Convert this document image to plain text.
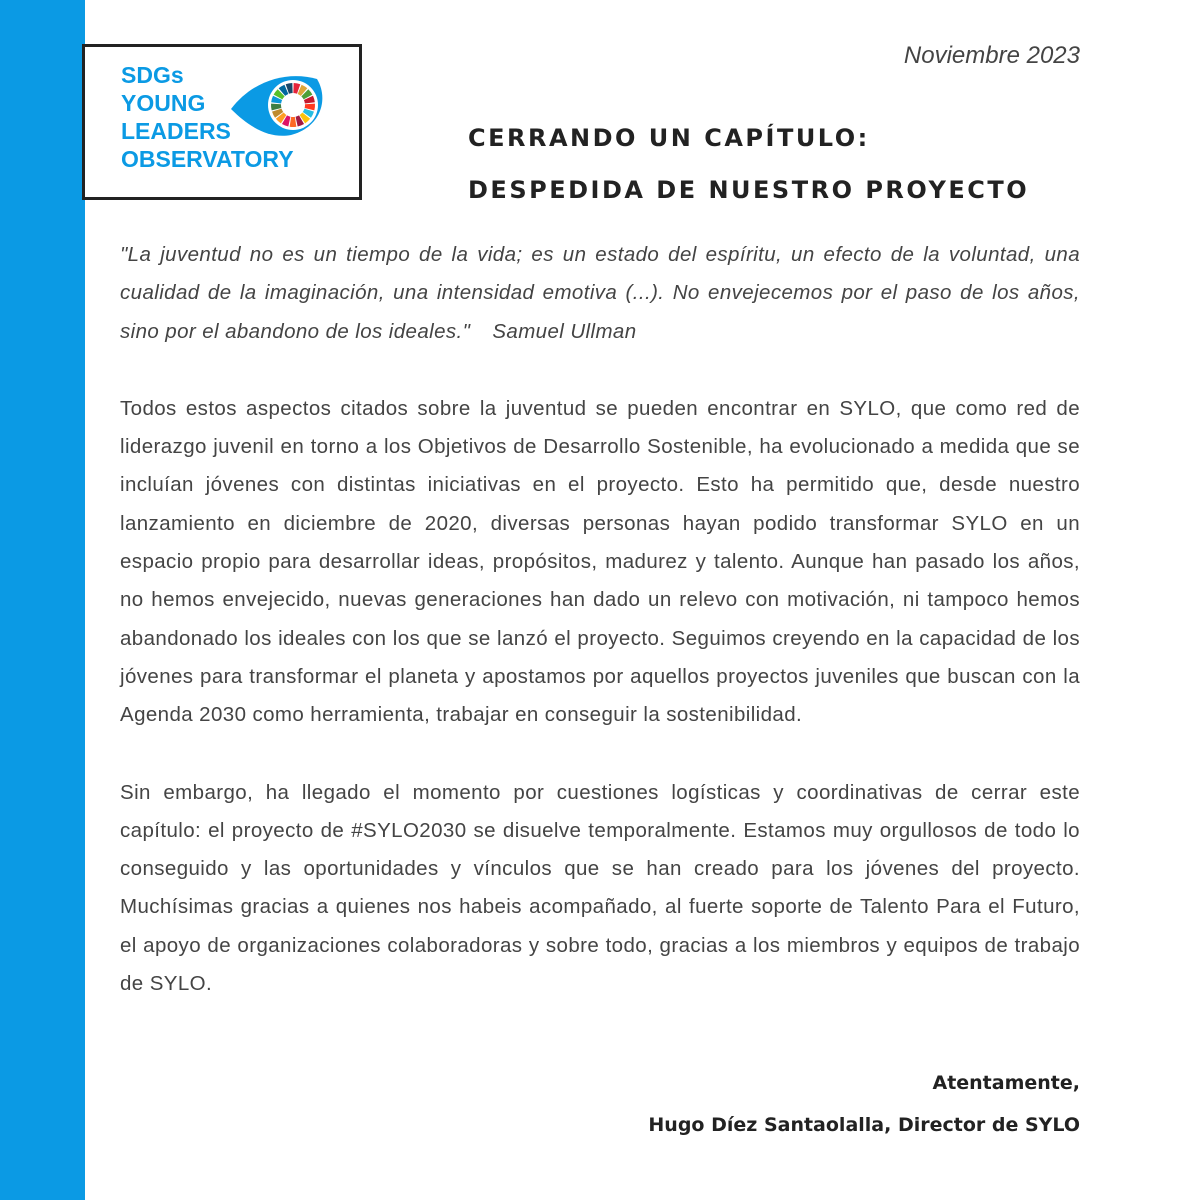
SDGs
YOUNG
LEADERS
OBSERVATORY
Noviembre 2023
CERRANDO UN CAPÍTULO:
DESPEDIDA DE NUESTRO PROYECTO

"La juventud no es un tiempo de la vida; es un estado del espíritu, un efecto de la voluntad, una cualidad de la imaginación, una intensidad emotiva (...). No envejecemos por el paso de los años, sino por el abandono de los ideales." Samuel Ullman

Todos estos aspectos citados sobre la juventud se pueden encontrar en SYLO, que como red de liderazgo juvenil en torno a los Objetivos de Desarrollo Sostenible, ha evolucionado a medida que se incluían jóvenes con distintas iniciativas en el proyecto. Esto ha permitido que, desde nuestro lanzamiento en diciembre de 2020, diversas personas hayan podido transformar SYLO en un espacio propio para desarrollar ideas, propósitos, madurez y talento. Aunque han pasado los años, no hemos envejecido, nuevas generaciones han dado un relevo con motivación, ni tampoco hemos abandonado los ideales con los que se lanzó el proyecto. Seguimos creyendo en la capacidad de los jóvenes para transformar el planeta y apostamos por aquellos proyectos juveniles que buscan con la Agenda 2030 como herramienta, trabajar en conseguir la sostenibilidad.

Sin embargo, ha llegado el momento por cuestiones logísticas y coordinativas de cerrar este capítulo: el proyecto de #SYLO2030 se disuelve temporalmente. Estamos muy orgullosos de todo lo conseguido y las oportunidades y vínculos que se han creado para los jóvenes del proyecto. Muchísimas gracias a quienes nos habeis acompañado, al fuerte soporte de Talento Para el Futuro, el apoyo de organizaciones colaboradoras y sobre todo, gracias a los miembros y equipos de trabajo de SYLO.

Atentamente,
Hugo Díez Santaolalla, Director de SYLO
